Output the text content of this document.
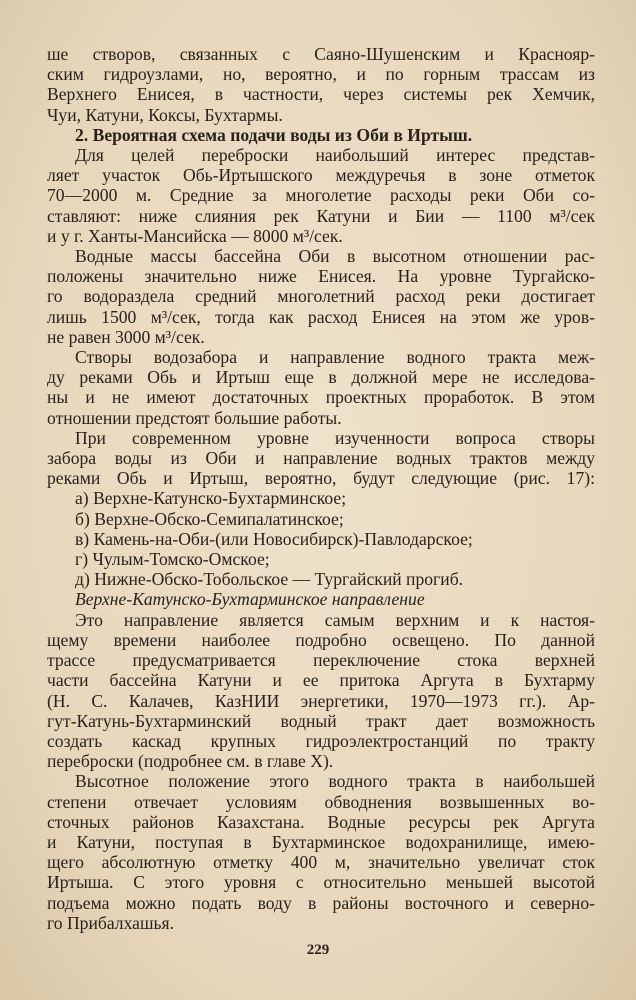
ше створов, связанных с Саяно-Шушенским и Краснояр-
ским гидроузлами, но, вероятно, и по горным трассам из
Верхнего Енисея, в частности, через системы рек Хемчик,
Чуи, Катуни, Коксы, Бухтармы.
2. Вероятная схема подачи воды из Оби в Иртыш.
Для целей переброски наибольший интерес представ-
ляет участок Обь-Иртышского междуречья в зоне отметок
70—2000 м. Средние за многолетие расходы реки Оби со-
ставляют: ниже слияния рек Катуни и Бии — 1100 м³/сек
и у г. Ханты-Мансийска — 8000 м³/сек.
Водные массы бассейна Оби в высотном отношении рас-
положены значительно ниже Енисея. На уровне Тургайско-
го водораздела средний многолетний расход реки достигает
лишь 1500 м³/сек, тогда как расход Енисея на этом же уров-
не равен 3000 м³/сек.
Створы водозабора и направление водного тракта меж-
ду реками Обь и Иртыш еще в должной мере не исследова-
ны и не имеют достаточных проектных проработок. В этом
отношении предстоят большие работы.
При современном уровне изученности вопроса створы
забора воды из Оби и направление водных трактов между
реками Обь и Иртыш, вероятно, будут следующие (рис. 17):
а) Верхне-Катунско-Бухтарминское;
б) Верхне-Обско-Семипалатинское;
в) Камень-на-Оби-(или Новосибирск)-Павлодарское;
г) Чулым-Томско-Омское;
д) Нижне-Обско-Тобольское — Тургайский прогиб.
Верхне-Катунско-Бухтарминское направление
Это направление является самым верхним и к настоя-
щему времени наиболее подробно освещено. По данной
трассе предусматривается переключение стока верхней
части бассейна Катуни и ее притока Аргута в Бухтарму
(Н. С. Калачев, КазНИИ энергетики, 1970—1973 гг.). Ар-
гут-Катунь-Бухтарминский водный тракт дает возможность
создать каскад крупных гидроэлектростанций по тракту
переброски (подробнее см. в главе X).
Высотное положение этого водного тракта в наибольшей
степени отвечает условиям обводнения возвышенных во-
сточных районов Казахстана. Водные ресурсы рек Аргута
и Катуни, поступая в Бухтарминское водохранилище, имею-
щего абсолютную отметку 400 м, значительно увеличат сток
Иртыша. С этого уровня с относительно меньшей высотой
подъема можно подать воду в районы восточного и северно-
го Прибалхашья.
229
